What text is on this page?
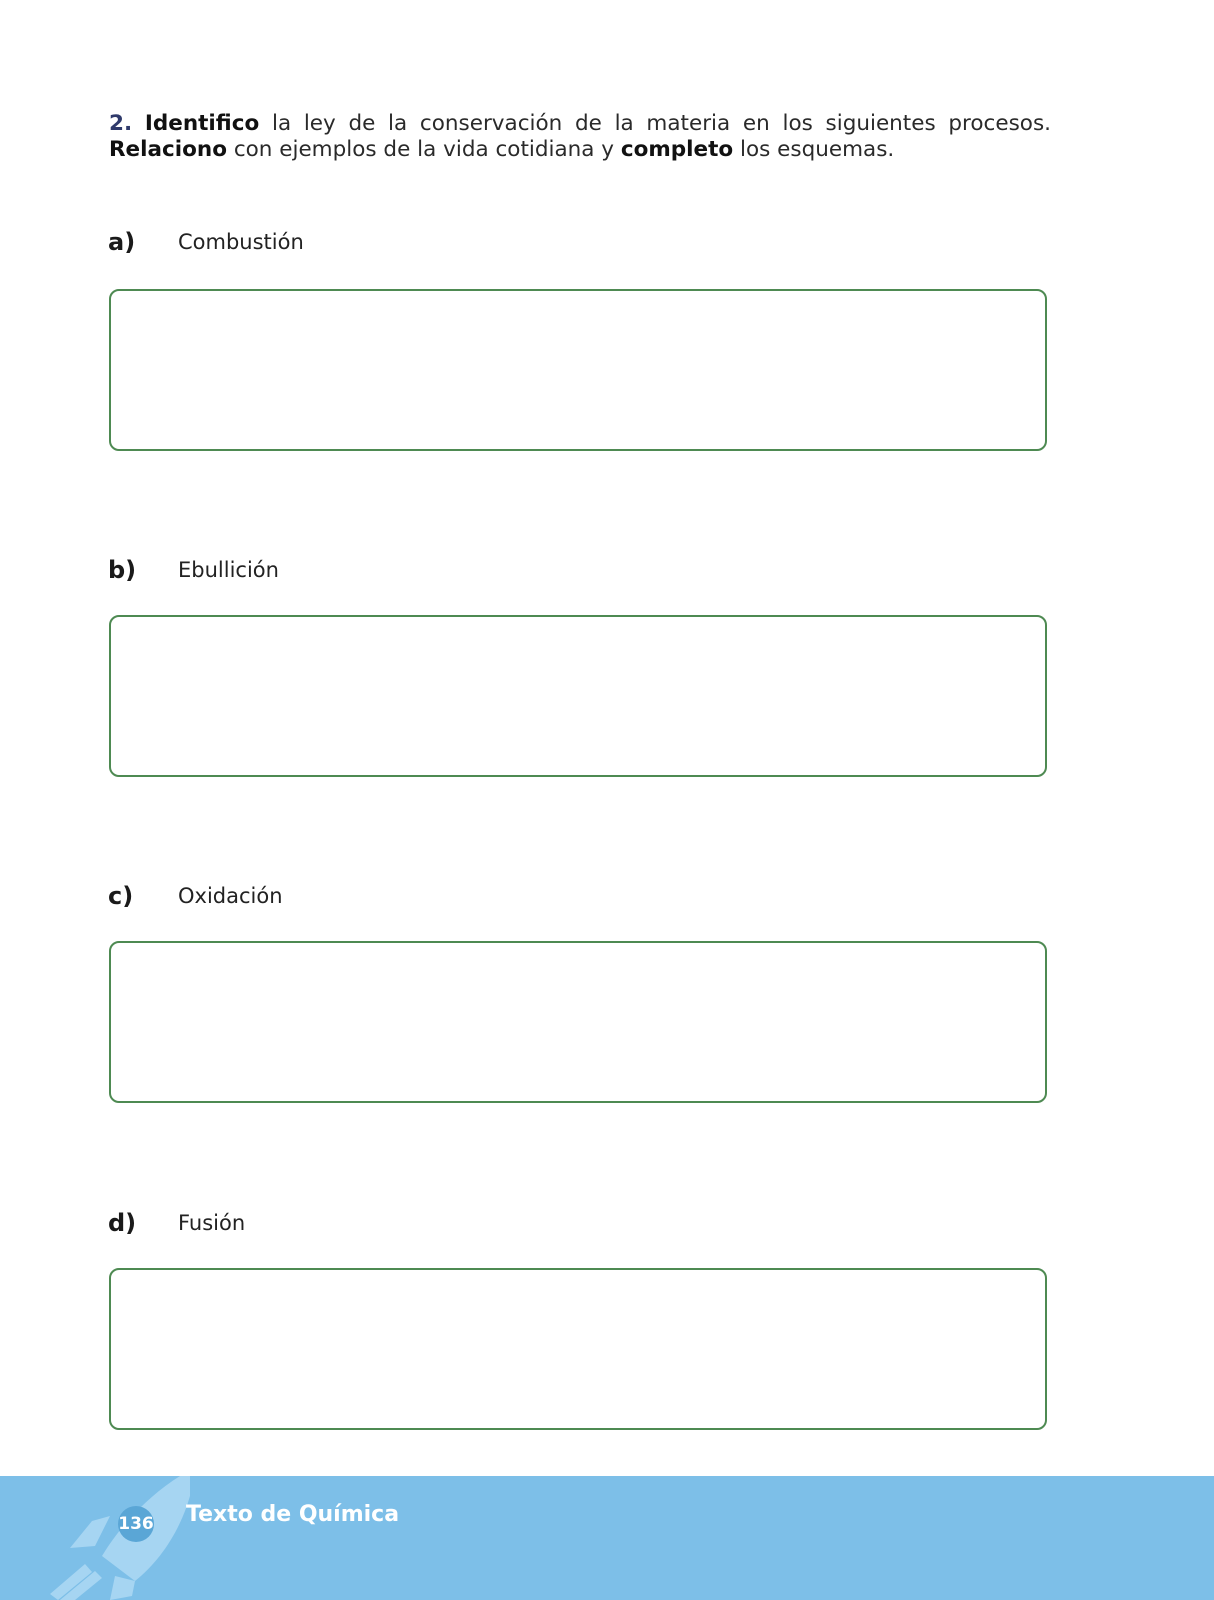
2. Identifico la ley de la conservación de la materia en los siguientes procesos. Relaciono con ejemplos de la vida cotidiana y completo los esquemas.
a) Combustión
b) Ebullición
c) Oxidación
d) Fusión
136 Texto de Química
